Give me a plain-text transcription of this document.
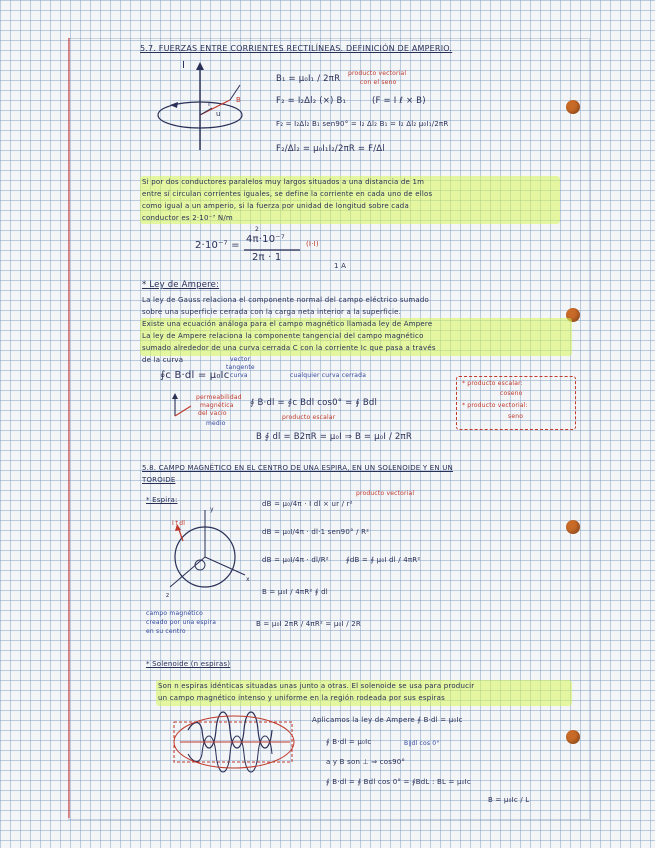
5.7. FUERZAS ENTRE CORRIENTES RECTILÍNEAS. DEFINICIÓN DE AMPERIO.
I
B
r
u
B₁ = μ₀I₁ / 2πR
producto vectorial
con el seno
F₂ = I₂Δl₂ (×) B₁	(F = I ℓ × B)
F₂ = I₂Δl₂ B₁ sen90° = I₂ Δl₂ B₁ = I₂ Δl₂ μ₀I₁/2πR
F₂/Δl₂ = μ₀I₁I₂/2πR = F/Δl
Si por dos conductores paralelos muy largos situados a una distancia de 1m
entre sí circulan corrientes iguales, se define la corriente en cada uno de ellos
como igual a un amperio, si la fuerza por unidad de longitud sobre cada
conductor es 2·10⁻⁷ N/m
2·10⁻⁷ =
2
4π·10⁻⁷
2π · 1
(I·I)
1 A
* Ley de Ampere:
La ley de Gauss relaciona el componente normal del campo eléctrico sumado
sobre una superficie cerrada con la carga neta interior a la superficie.
Existe una ecuación análoga para el campo magnético llamada ley de Ampere
La ley de Ampere relaciona la componente tangencial del campo magnético
sumado alrededor de una curva cerrada C con la corriente Ic que pasa a través
de la curva	vector
tangente
curva
∮c B·dl = μ₀Ic	cualquier curva cerrada
permeabilidad
magnética
del vacío
medio
∮ B·dl = ∮c Bdl cos0° = ∮ Bdl
producto escalar
B ∮ dl = B2πR = μ₀I ⇒ B = μ₀I / 2πR
* producto escalar:
coseno
* producto vectorial:
seno
5.8. CAMPO MAGNÉTICO EN EL CENTRO DE UNA ESPIRA, EN UN SOLENOIDE Y EN UN
TOROIDE
* Espira:
y
x
z
I↑dl
dB = μ₀/4π · I dl × ur / r²
producto vectorial
dB = μ₀I/4π · dl·1 sen90° / R²
dB = μ₀I/4π · dl/R² ∮dB = ∮ μ₀I dl / 4πR²
B = μ₀I / 4πR² ∮ dl
campo magnético
creado por una espira
en su centro
B = μ₀I 2πR / 4πR² = μ₀I / 2R
* Solenoide (n espiras)
Son n espiras idénticas situadas unas junto a otras. El solenoide se usa para producir
un campo magnético intenso y uniforme en la región rodeada por sus espiras
Aplicamos la ley de Ampere ∮ B·dl = μ₀Ic
∮ B·dl = μ₀Ic	B∥dl cos 0°
a y B son ⊥ ⇒ cos90°
∮ B·dl = ∮ Bdl cos 0° = ∮BdL : BL = μ₀Ic
B = μ₀Ic / L
